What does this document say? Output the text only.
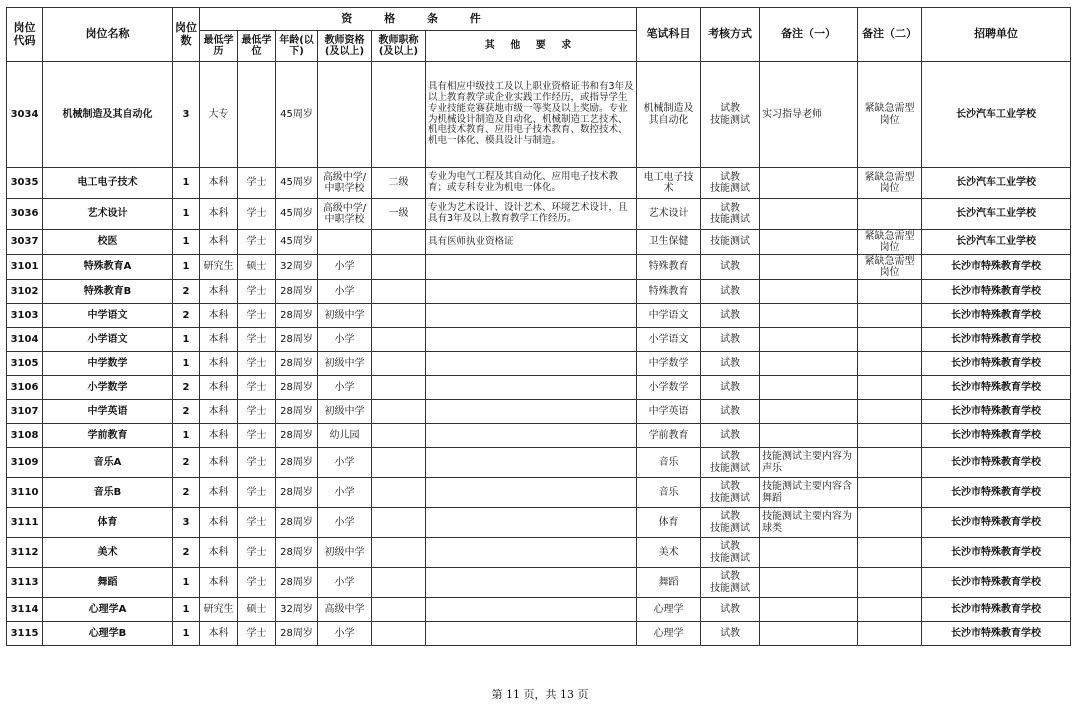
岗位代码	岗位名称	岗位数	资 格 条 件						笔试科目	考核方式	备注（一）	备注（二）	招聘单位
			最低学历	最低学位	年龄(以下)	教师资格(及以上)	教师职称(及以上)	其 他 要 求					
3034	机械制造及其自动化	3	大专		45周岁			具有相应中级技工及以上职业资格证书和有3年及以上教育教学或企业实践工作经历，或指导学生专业技能竞赛获地市级一等奖及以上奖励。专业为机械设计制造及自动化、机械制造工艺技术、机电技术教育、应用电子技术教育、数控技术、机电一体化、模具设计与制造。	机械制造及其自动化	试教
技能测试	实习指导老师	紧缺急需型岗位	长沙汽车工业学校
3035	电工电子技术	1	本科	学士	45周岁	高级中学/中职学校	二级	专业为电气工程及其自动化、应用电子技术教育；或专科专业为机电一体化。	电工电子技术	试教
技能测试		紧缺急需型岗位	长沙汽车工业学校
3036	艺术设计	1	本科	学士	45周岁	高级中学/中职学校	一级	专业为艺术设计、设计艺术、环境艺术设计，且具有3年及以上教育教学工作经历。	艺术设计	试教
技能测试			长沙汽车工业学校
3037	校医	1	本科	学士	45周岁			具有医师执业资格证	卫生保健	技能测试		紧缺急需型岗位	长沙汽车工业学校
3101	特殊教育A	1	研究生	硕士	32周岁	小学			特殊教育	试教		紧缺急需型岗位	长沙市特殊教育学校
3102	特殊教育B	2	本科	学士	28周岁	小学			特殊教育	试教			长沙市特殊教育学校
3103	中学语文	2	本科	学士	28周岁	初级中学			中学语文	试教			长沙市特殊教育学校
3104	小学语文	1	本科	学士	28周岁	小学			小学语文	试教			长沙市特殊教育学校
3105	中学数学	1	本科	学士	28周岁	初级中学			中学数学	试教			长沙市特殊教育学校
3106	小学数学	2	本科	学士	28周岁	小学			小学数学	试教			长沙市特殊教育学校
3107	中学英语	2	本科	学士	28周岁	初级中学			中学英语	试教			长沙市特殊教育学校
3108	学前教育	1	本科	学士	28周岁	幼儿园			学前教育	试教			长沙市特殊教育学校
3109	音乐A	2	本科	学士	28周岁	小学			音乐	试教
技能测试	技能测试主要内容为声乐		长沙市特殊教育学校
3110	音乐B	2	本科	学士	28周岁	小学			音乐	试教
技能测试	技能测试主要内容含舞蹈		长沙市特殊教育学校
3111	体育	3	本科	学士	28周岁	小学			体育	试教
技能测试	技能测试主要内容为球类		长沙市特殊教育学校
3112	美术	2	本科	学士	28周岁	初级中学			美术	试教
技能测试			长沙市特殊教育学校
3113	舞蹈	1	本科	学士	28周岁	小学			舞蹈	试教
技能测试			长沙市特殊教育学校
3114	心理学A	1	研究生	硕士	32周岁	高级中学			心理学	试教			长沙市特殊教育学校
3115	心理学B	1	本科	学士	28周岁	小学			心理学	试教			长沙市特殊教育学校
第 11 页，共 13 页
